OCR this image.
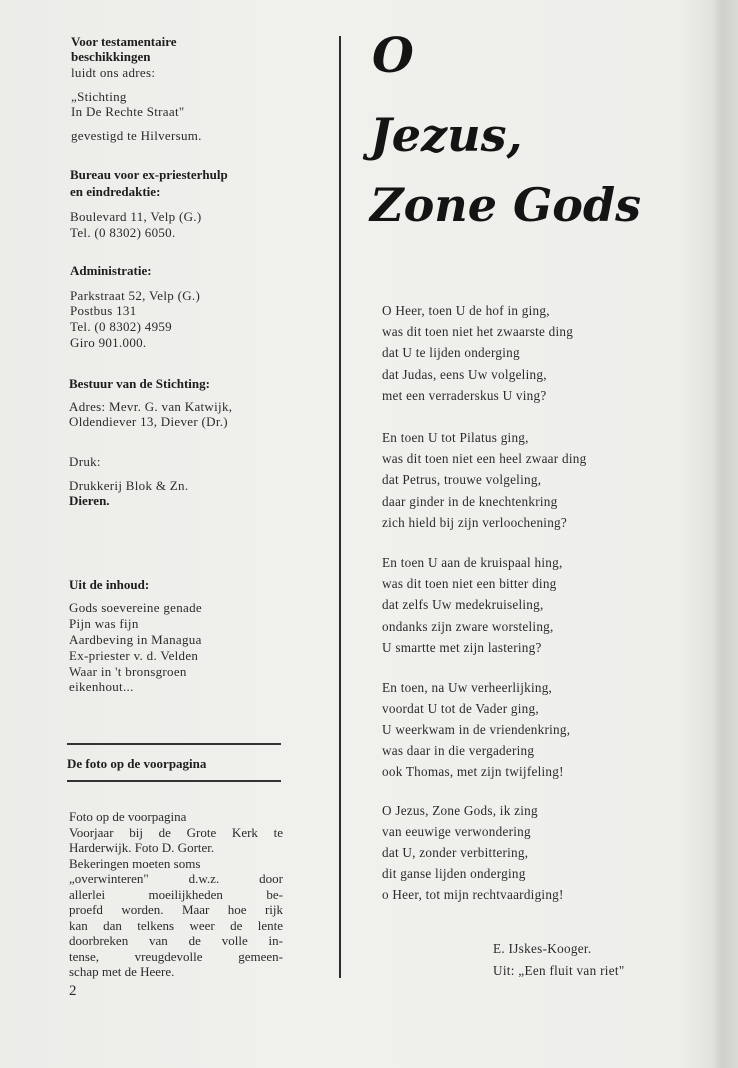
Voor testamentaire
beschikkingen
luidt ons adres:
„Stichting
In De Rechte Straat"
gevestigd te Hilversum.
Bureau voor ex-priesterhulp
en eindredaktie:
Boulevard 11, Velp (G.)
Tel. (0 8302) 6050.
Administratie:
Parkstraat 52, Velp (G.)
Postbus 131
Tel. (0 8302) 4959
Giro 901.000.
Bestuur van de Stichting:
Adres: Mevr. G. van Katwijk,
Oldendiever 13, Diever (Dr.)
Druk:
Drukkerij Blok & Zn.
Dieren.
Uit de inhoud:
Gods soevereine genade
Pijn was fijn
Aardbeving in Managua
Ex-priester v. d. Velden
Waar in 't bronsgroen
eikenhout...
De foto op de voorpagina

Foto op de voorpagina

Voorjaar bij de Grote Kerk te

Harderwijk. Foto D. Gorter.

Bekeringen moeten soms

„overwinteren" d.w.z. door

allerlei moeilijkheden be-

proefd worden. Maar hoe rijk

kan dan telkens weer de lente

doorbreken van de volle in-

tense, vreugdevolle gemeen-

schap met de Heere.

2
O
Jezus,
Zone Gods
O Heer, toen U de hof in ging,
was dit toen niet het zwaarste ding
dat U te lijden onderging
dat Judas, eens Uw volgeling,
met een verraderskus U ving?
En toen U tot Pilatus ging,
was dit toen niet een heel zwaar ding
dat Petrus, trouwe volgeling,
daar ginder in de knechtenkring
zich hield bij zijn verloochening?
En toen U aan de kruispaal hing,
was dit toen niet een bitter ding
dat zelfs Uw medekruiseling,
ondanks zijn zware worsteling,
U smartte met zijn lastering?
En toen, na Uw verheerlijking,
voordat U tot de Vader ging,
U weerkwam in de vriendenkring,
was daar in die vergadering
ook Thomas, met zijn twijfeling!
O Jezus, Zone Gods, ik zing
van eeuwige verwondering
dat U, zonder verbittering,
dit ganse lijden onderging
o Heer, tot mijn rechtvaardiging!
E. IJskes-Kooger.
Uit: „Een fluit van riet"
